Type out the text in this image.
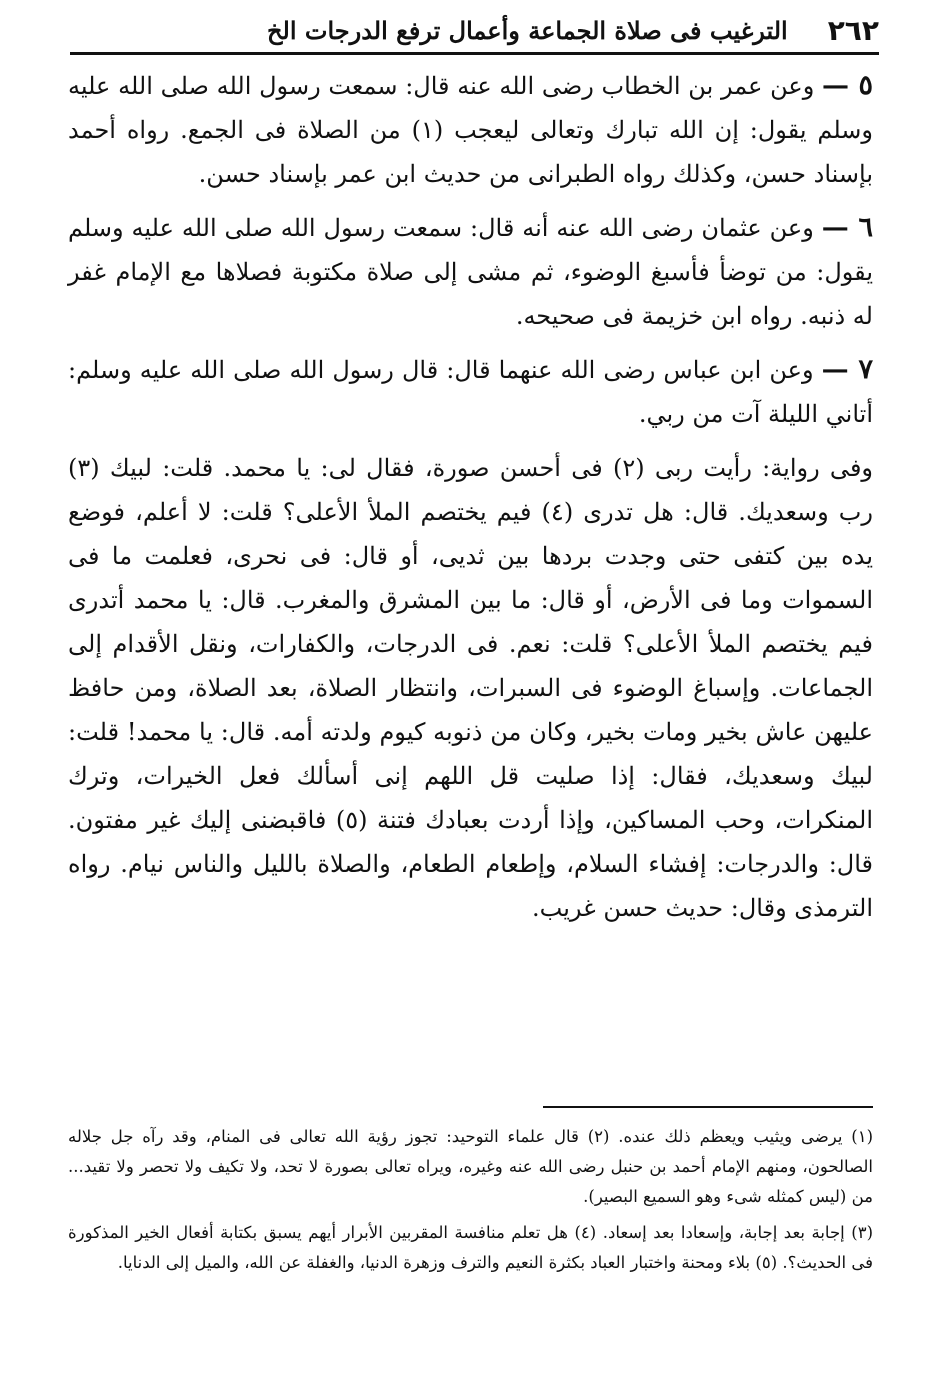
٢٦٢
الترغيب فى صلاة الجماعة وأعمال ترفع الدرجات الخ

٥ — وعن عمر بن الخطاب رضى الله عنه قال: سمعت رسول الله صلى الله عليه وسلم يقول: إن الله تبارك وتعالى ليعجب (١) من الصلاة فى الجمع. رواه أحمد بإسناد حسن، وكذلك رواه الطبرانى من حديث ابن عمر بإسناد حسن.

٦ — وعن عثمان رضى الله عنه أنه قال: سمعت رسول الله صلى الله عليه وسلم يقول: من توضأ فأسبغ الوضوء، ثم مشى إلى صلاة مكتوبة فصلاها مع الإمام غفر له ذنبه. رواه ابن خزيمة فى صحيحه.

٧ — وعن ابن عباس رضى الله عنهما قال: قال رسول الله صلى الله عليه وسلم: أتاني الليلة آت من ربي.

وفى رواية: رأيت ربى (٢) فى أحسن صورة، فقال لى: يا محمد. قلت: لبيك (٣) رب وسعديك. قال: هل تدرى (٤) فيم يختصم الملأ الأعلى؟ قلت: لا أعلم، فوضع يده بين كتفى حتى وجدت بردها بين ثديى، أو قال: فى نحرى، فعلمت ما فى السموات وما فى الأرض، أو قال: ما بين المشرق والمغرب. قال: يا محمد أتدرى فيم يختصم الملأ الأعلى؟ قلت: نعم. فى الدرجات، والكفارات، ونقل الأقدام إلى الجماعات. وإسباغ الوضوء فى السبرات، وانتظار الصلاة، بعد الصلاة، ومن حافظ عليهن عاش بخير ومات بخير، وكان من ذنوبه كيوم ولدته أمه. قال: يا محمد! قلت: لبيك وسعديك، فقال: إذا صليت قل اللهم إنى أسألك فعل الخيرات، وترك المنكرات، وحب المساكين، وإذا أردت بعبادك فتنة (٥) فاقبضنى إليك غير مفتون. قال: والدرجات: إفشاء السلام، وإطعام الطعام، والصلاة بالليل والناس نيام. رواه الترمذى وقال: حديث حسن غريب.

(١) يرضى ويثيب ويعظم ذلك عنده. (٢) قال علماء التوحيد: تجوز رؤية الله تعالى فى المنام، وقد رآه جل جلاله الصالحون، ومنهم الإمام أحمد بن حنبل رضى الله عنه وغيره، ويراه تعالى بصورة لا تحد، ولا تكيف ولا تحصر ولا تقيد... من (ليس كمثله شىء وهو السميع البصير).

(٣) إجابة بعد إجابة، وإسعادا بعد إسعاد. (٤) هل تعلم منافسة المقربين الأبرار أيهم يسبق بكتابة أفعال الخير المذكورة فى الحديث؟. (٥) بلاء ومحنة واختبار العباد بكثرة النعيم والترف وزهرة الدنيا، والغفلة عن الله، والميل إلى الدنايا.
